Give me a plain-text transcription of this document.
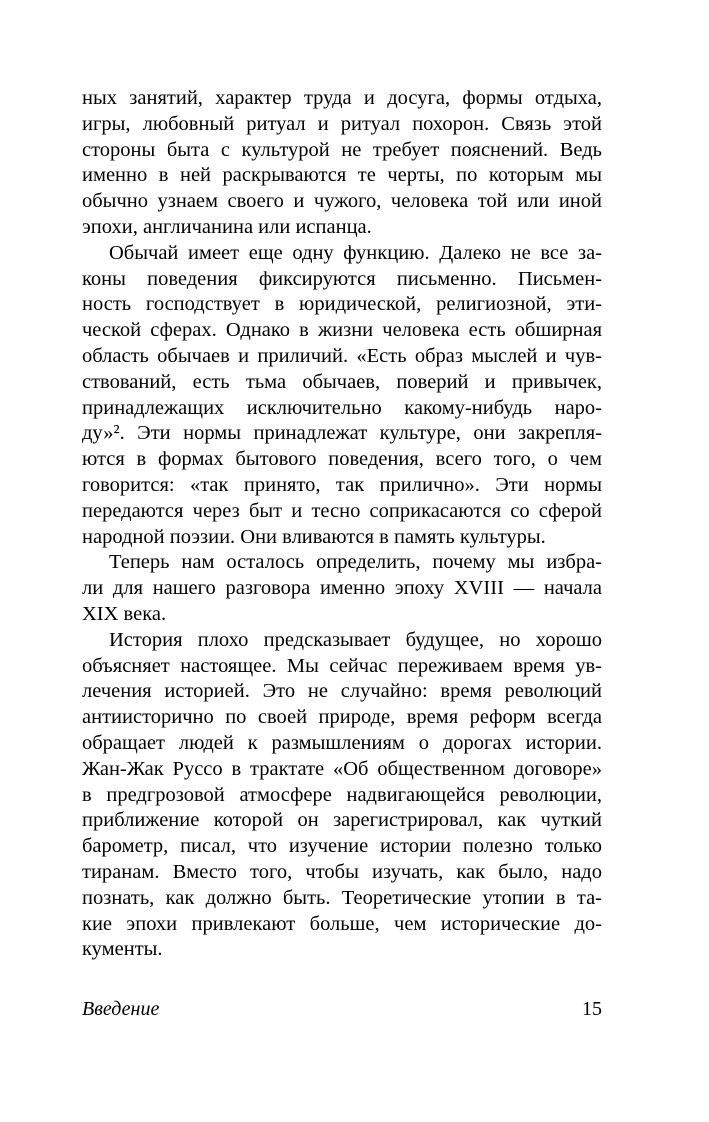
ных занятий, характер труда и досуга, формы отдыха,
игры, любовный ритуал и ритуал похорон. Связь этой
стороны быта с культурой не требует пояснений. Ведь
именно в ней раскрываются те черты, по которым мы
обычно узнаем своего и чужого, человека той или иной
эпохи, англичанина или испанца.
Обычай имеет еще одну функцию. Далеко не все за-
коны поведения фиксируются письменно. Письмен-
ность господствует в юридической, религиозной, эти-
ческой сферах. Однако в жизни человека есть обширная
область обычаев и приличий. «Есть образ мыслей и чув-
ствований, есть тьма обычаев, поверий и привычек,
принадлежащих исключительно какому-нибудь наро-
ду»². Эти нормы принадлежат культуре, они закрепля-
ются в формах бытового поведения, всего того, о чем
говорится: «так принято, так прилично». Эти нормы
передаются через быт и тесно соприкасаются со сферой
народной поэзии. Они вливаются в память культуры.
Теперь нам осталось определить, почему мы избра-
ли для нашего разговора именно эпоху XVIII — начала
XIX века.
История плохо предсказывает будущее, но хорошо
объясняет настоящее. Мы сейчас переживаем время ув-
лечения историей. Это не случайно: время революций
антиисторично по своей природе, время реформ всегда
обращает людей к размышлениям о дорогах истории.
Жан-Жак Руссо в трактате «Об общественном договоре»
в предгрозовой атмосфере надвигающейся революции,
приближение которой он зарегистрировал, как чуткий
барометр, писал, что изучение истории полезно только
тиранам. Вместо того, чтобы изучать, как было, надо
познать, как должно быть. Теоретические утопии в та-
кие эпохи привлекают больше, чем исторические до-
кументы.
Введение	15
